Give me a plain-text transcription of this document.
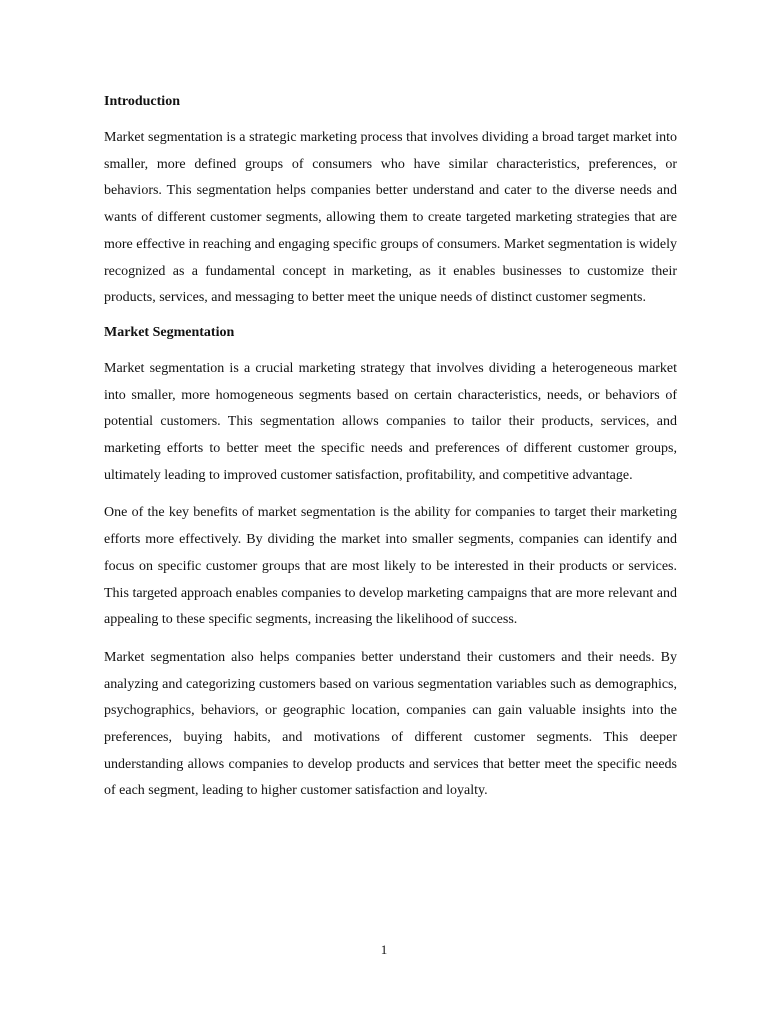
Introduction

Market segmentation is a strategic marketing process that involves dividing a broad target market into smaller, more defined groups of consumers who have similar characteristics, preferences, or behaviors. This segmentation helps companies better understand and cater to the diverse needs and wants of different customer segments, allowing them to create targeted marketing strategies that are more effective in reaching and engaging specific groups of consumers. Market segmentation is widely recognized as a fundamental concept in marketing, as it enables businesses to customize their products, services, and messaging to better meet the unique needs of distinct customer segments.

Market Segmentation

Market segmentation is a crucial marketing strategy that involves dividing a heterogeneous market into smaller, more homogeneous segments based on certain characteristics, needs, or behaviors of potential customers. This segmentation allows companies to tailor their products, services, and marketing efforts to better meet the specific needs and preferences of different customer groups, ultimately leading to improved customer satisfaction, profitability, and competitive advantage.

One of the key benefits of market segmentation is the ability for companies to target their marketing efforts more effectively. By dividing the market into smaller segments, companies can identify and focus on specific customer groups that are most likely to be interested in their products or services. This targeted approach enables companies to develop marketing campaigns that are more relevant and appealing to these specific segments, increasing the likelihood of success.

Market segmentation also helps companies better understand their customers and their needs. By analyzing and categorizing customers based on various segmentation variables such as demographics, psychographics, behaviors, or geographic location, companies can gain valuable insights into the preferences, buying habits, and motivations of different customer segments. This deeper understanding allows companies to develop products and services that better meet the specific needs of each segment, leading to higher customer satisfaction and loyalty.

1
